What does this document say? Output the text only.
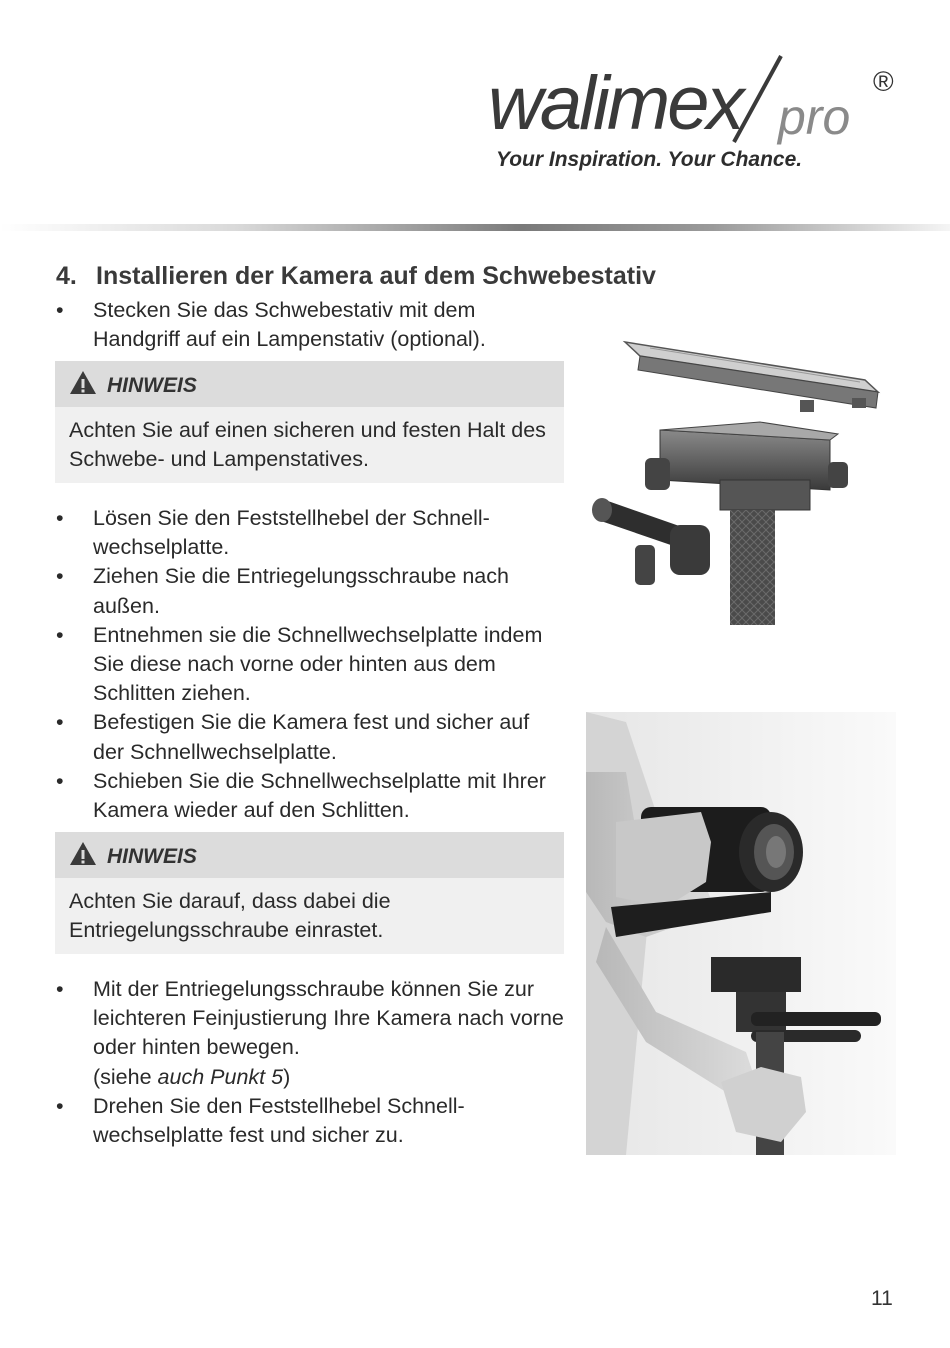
walimex pro
®
Your Inspiration. Your Chance.
4. Installieren der Kamera auf dem Schwebestativ
• Stecken Sie das Schwebestativ mit dem Handgriff auf ein Lampenstativ (optional).
HINWEIS
Achten Sie auf einen sicheren und festen Halt des Schwebe- und Lampenstatives.
• Lösen Sie den Feststellhebel der Schnell- wechselplatte.
• Ziehen Sie die Entriegelungsschraube nach außen.
• Entnehmen sie die Schnellwechselplatte indem Sie diese nach vorne oder hinten aus dem Schlitten ziehen.
• Befestigen Sie die Kamera fest und sicher auf der Schnellwechselplatte.
• Schieben Sie die Schnellwechselplatte mit Ihrer Kamera wieder auf den Schlitten.
HINWEIS
Achten Sie darauf, dass dabei die Entriegelungsschraube einrastet.
• Mit der Entriegelungsschraube können Sie zur leichteren Feinjustierung Ihre Kamera nach vorne oder hinten bewegen.
(siehe auch Punkt 5)
• Drehen Sie den Feststellhebel Schnell- wechselplatte fest und sicher zu.
11
